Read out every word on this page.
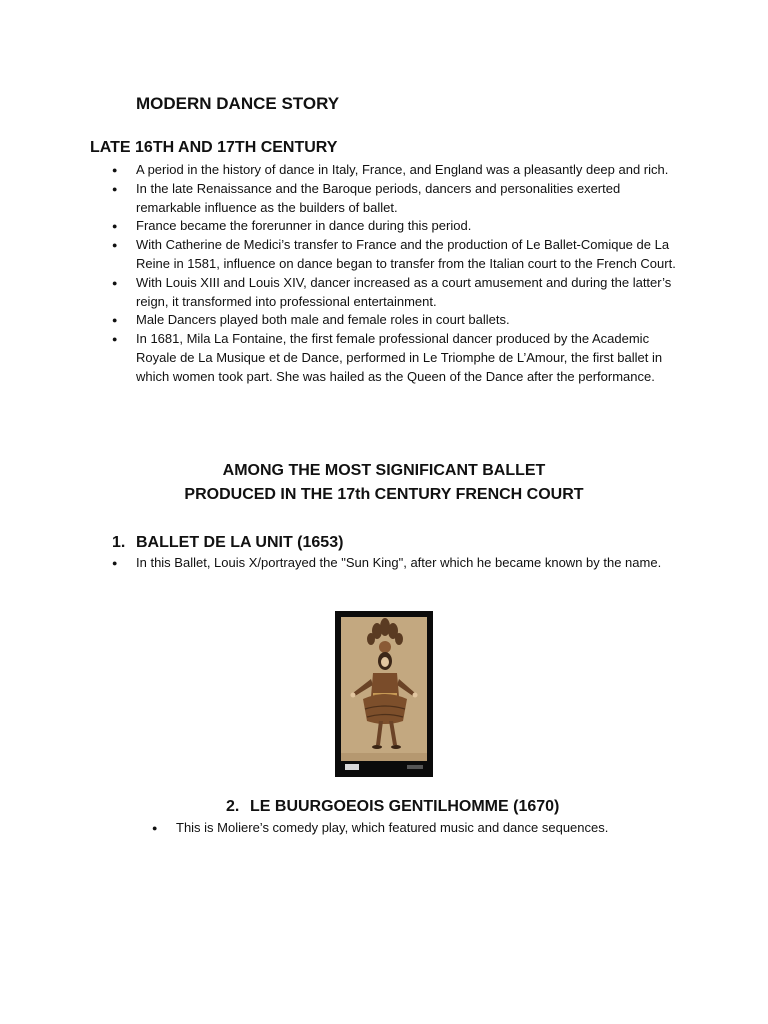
MODERN DANCE STORY
LATE 16TH AND 17TH CENTURY
● A period in the history of dance in Italy, France, and England was a pleasantly deep and rich.
● In the late Renaissance and the Baroque periods, dancers and personalities exerted remarkable influence as the builders of ballet.
● France became the forerunner in dance during this period.
● With Catherine de Medici’s transfer to France and the production of Le Ballet-Comique de La Reine in 1581, influence on dance began to transfer from the Italian court to the French Court.
● With Louis XIII and Louis XIV, dancer increased as a court amusement and during the latter’s reign, it transformed into professional entertainment.
● Male Dancers played both male and female roles in court ballets.
● In 1681, Mila La Fontaine, the first female professional dancer produced by the Academic Royale de La Musique et de Dance, performed in Le Triomphe de L’Amour, the first ballet in which women took part. She was hailed as the Queen of the Dance after the performance.
AMONG THE MOST SIGNIFICANT BALLET
PRODUCED IN THE 17th CENTURY FRENCH COURT
1. BALLET DE LA UNIT (1653)
● In this Ballet, Louis X/portrayed the "Sun King", after which he became known by the name.
2. LE BUURGOEOIS GENTILHOMME (1670)
● This is Moliere’s comedy play, which featured music and dance sequences.
